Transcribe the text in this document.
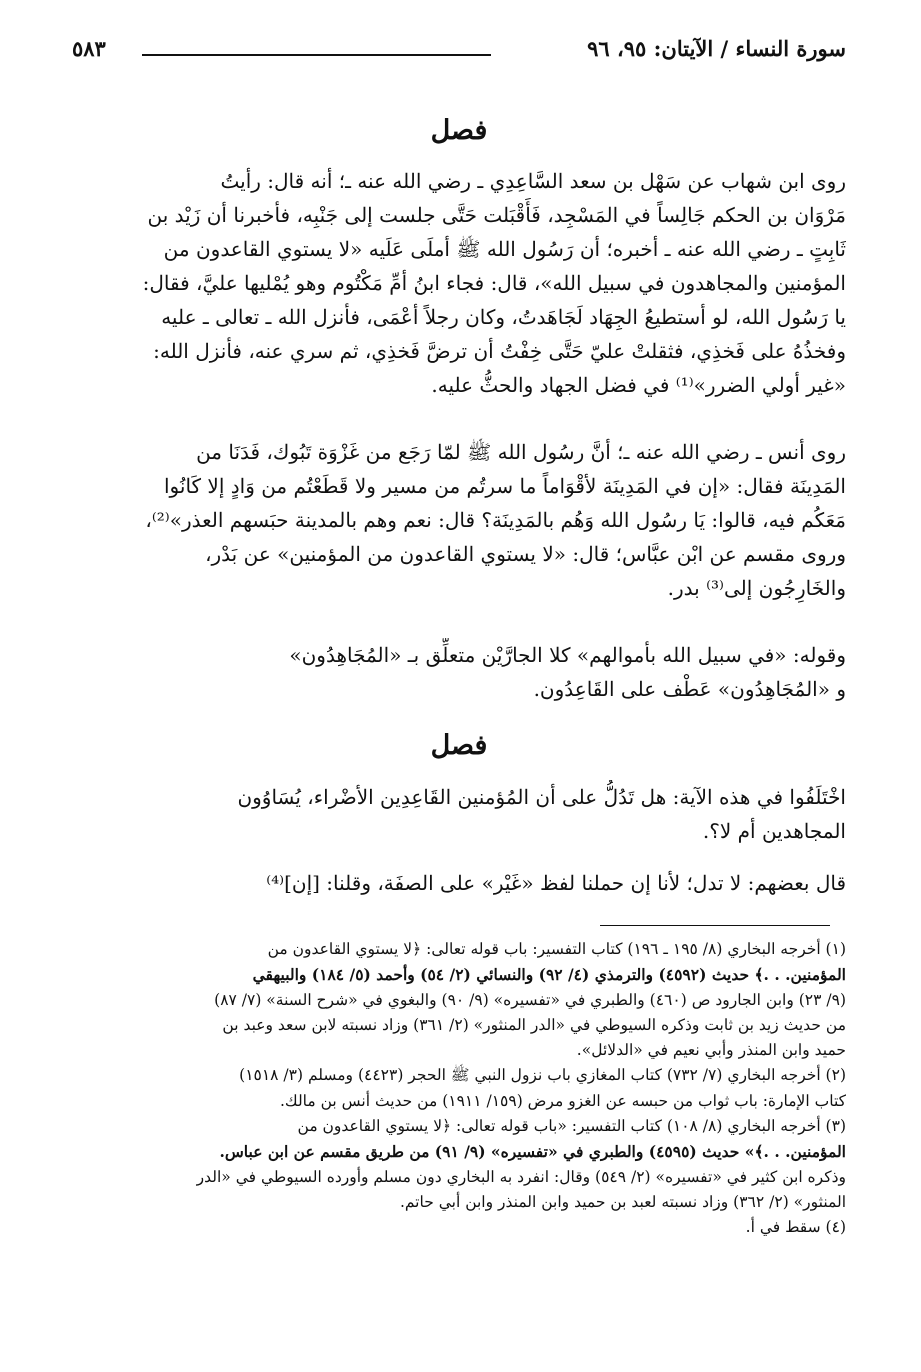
سورة النساء / الآيتان: ٩٥، ٩٦
٥٨٣
فصل
روى ابن شهاب عن سَهْل بن سعد السَّاعِدِي ـ رضي الله عنه ـ؛ أنه قال: رأيتُ
مَرْوَان بن الحكم جَالِساً في المَسْجِد، فَأَقْبَلت حَتَّى جلست إلى جَنْبِه، فأخبرنا أن زَيْد بن
ثَابِتٍ ـ رضي الله عنه ـ أخبره؛ أن رَسُول الله ﷺ أملَى عَلَيه «لا يستوي القاعدون من
المؤمنين والمجاهدون في سبيل الله»، قال: فجاء ابنُ أمِّ مَكْتُوم وهو يُمْليها عليَّ، فقال:
يا رَسُول الله، لو أستطيعُ الجِهَاد لَجَاهَدتُ، وكان رجلاً أعْمَى، فأنزل الله ـ تعالى ـ عليه
وفخذُهُ على فَخذِي، فثقلتْ عليّ حَتَّى خِفْتُ أن ترضَّ فَخذِي، ثم سري عنه، فأنزل الله:
«غير أولي الضرر»⁽¹⁾ في فضل الجهاد والحثُّ عليه.
روى أنس ـ رضي الله عنه ـ؛ أنَّ رسُول الله ﷺ لمّا رَجَع من غَزْوَة تَبُوك، فَدَنَا من
المَدِينَة فقال: «إن في المَدِينَة لأقْوَاماً ما سرتُم من مسير ولا قَطَعْتُم من وَادٍ إلا كَانُوا
مَعَكُم فيه، قالوا: يَا رسُول الله وَهُم بالمَدِينَة؟ قال: نعم وهم بالمدينة حبَسهم العذر»⁽²⁾،
وروى مقسم عن ابْن عبَّاس؛ قال: «لا يستوي القاعدون من المؤمنين» عن بَدْر،
والخَارِجُون إلى⁽³⁾ بدر.
وقوله: «في سبيل الله بأموالهم» كلا الجارَّيْن متعلِّق بـ «المُجَاهِدُون»
و «المُجَاهِدُون» عَطْف على القَاعِدُون.
فصل
اخْتَلَفُوا في هذه الآية: هل تَدُلُّ على أن المُؤمنين القَاعِدِين الأضْراء، يُسَاوُون
المجاهدين أم لا؟.
قال بعضهم: لا تدل؛ لأنا إن حملنا لفظ «غَيْر» على الصفَة، وقلنا: [إن]⁽⁴⁾
(١) أخرجه البخاري (٨/ ١٩٥ ـ ١٩٦) كتاب التفسير: باب قوله تعالى: ﴿لا يستوي القاعدون من
المؤمنين. . .﴾ حديث (٤٥٩٢) والترمذي (٤/ ٩٢) والنسائي (٢/ ٥٤) وأحمد (٥/ ١٨٤) والبيهقي
(٩/ ٢٣) وابن الجارود ص (٤٦٠) والطبري في «تفسيره» (٩/ ٩٠) والبغوي في «شرح السنة» (٧/ ٨٧)
من حديث زيد بن ثابت وذكره السيوطي في «الدر المنثور» (٢/ ٣٦١) وزاد نسبته لابن سعد وعبد بن
حميد وابن المنذر وأبي نعيم في «الدلائل».
(٢) أخرجه البخاري (٧/ ٧٣٢) كتاب المغازي باب نزول النبي ﷺ الحجر (٤٤٢٣) ومسلم (٣/ ١٥١٨)
كتاب الإمارة: باب ثواب من حبسه عن الغزو مرض (١٥٩/ ١٩١١) من حديث أنس بن مالك.
(٣) أخرجه البخاري (٨/ ١٠٨) كتاب التفسير: «باب قوله تعالى: ﴿لا يستوي القاعدون من
المؤمنين. . .﴾» حديث (٤٥٩٥) والطبري في «تفسيره» (٩/ ٩١) من طريق مقسم عن ابن عباس.
وذكره ابن كثير في «تفسيره» (٢/ ٥٤٩) وقال: انفرد به البخاري دون مسلم وأورده السيوطي في «الدر
المنثور» (٢/ ٣٦٢) وزاد نسبته لعبد بن حميد وابن المنذر وابن أبي حاتم.
(٤) سقط في أ.
